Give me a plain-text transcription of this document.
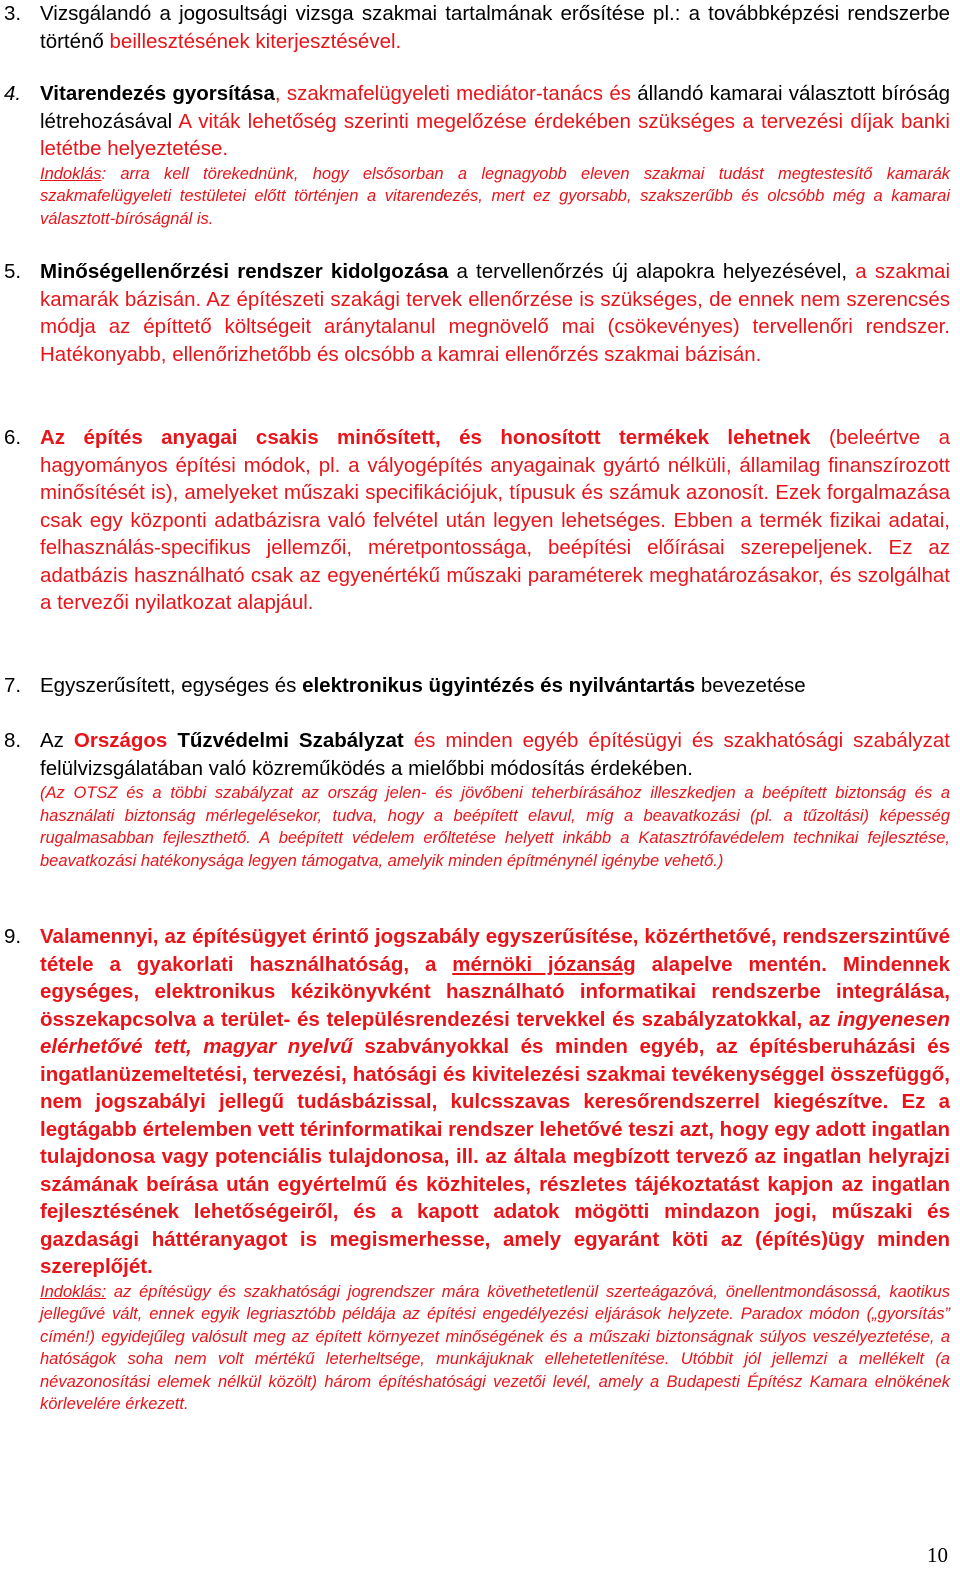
3. Vizsgálandó a jogosultsági vizsga szakmai tartalmának erősítése pl.: a továbbképzési rendszerbe történő beillesztésének kiterjesztésével.

4. Vitarendezés gyorsítása, szakmafelügyeleti mediátor-tanács és állandó kamarai választott bíróság létrehozásával A viták lehetőség szerinti megelőzése érdekében szükséges a tervezési díjak banki letétbe helyeztetése.

Indoklás: arra kell törekednünk, hogy elsősorban a legnagyobb eleven szakmai tudást megtestesítő kamarák szakmafelügyeleti testületei előtt történjen a vitarendezés, mert ez gyorsabb, szakszerűbb és olcsóbb még a kamarai választott-bíróságnál is.

5. Minőségellenőrzési rendszer kidolgozása a tervellenőrzés új alapokra helyezésével, a szakmai kamarák bázisán. Az építészeti szakági tervek ellenőrzése is szükséges, de ennek nem szerencsés módja az építtető költségeit aránytalanul megnövelő mai (csökevényes) tervellenőri rendszer. Hatékonyabb, ellenőrizhetőbb és olcsóbb a kamrai ellenőrzés szakmai bázisán.

6. Az építés anyagai csakis minősített, és honosított termékek lehetnek (beleértve a hagyományos építési módok, pl. a vályogépítés anyagainak gyártó nélküli, államilag finanszírozott minősítését is), amelyeket műszaki specifikációjuk, típusuk és számuk azonosít. Ezek forgalmazása csak egy központi adatbázisra való felvétel után legyen lehetséges. Ebben a termék fizikai adatai, felhasználás-specifikus jellemzői, méretpontossága, beépítési előírásai szerepeljenek. Ez az adatbázis használható csak az egyenértékű műszaki paraméterek meghatározásakor, és szolgálhat a tervezői nyilatkozat alapjául.

7. Egyszerűsített, egységes és elektronikus ügyintézés és nyilvántartás bevezetése

8. Az Országos Tűzvédelmi Szabályzat és minden egyéb építésügyi és szakhatósági szabályzat felülvizsgálatában való közreműködés a mielőbbi módosítás érdekében.

(Az OTSZ és a többi szabályzat az ország jelen- és jövőbeni teherbírásához illeszkedjen a beépített biztonság és a használati biztonság mérlegelésekor, tudva, hogy a beépített elavul, míg a beavatkozási (pl. a tűzoltási) képesség rugalmasabban fejleszthető. A beépített védelem erőltetése helyett inkább a Katasztrófavédelem technikai fejlesztése, beavatkozási hatékonysága legyen támogatva, amelyik minden építménynél igénybe vehető.)

9. Valamennyi, az építésügyet érintő jogszabály egyszerűsítése, közérthetővé, rendszerszintűvé tétele a gyakorlati használhatóság, a mérnöki józanság alapelve mentén. Mindennek egységes, elektronikus kézikönyvként használható informatikai rendszerbe integrálása, összekapcsolva a terület- és településrendezési tervekkel és szabályzatokkal, az ingyenesen elérhetővé tett, magyar nyelvű szabványokkal és minden egyéb, az építésberuházási és ingatlanüzemeltetési, tervezési, hatósági és kivitelezési szakmai tevékenységgel összefüggő, nem jogszabályi jellegű tudásbázissal, kulcsszavas keresőrendszerrel kiegészítve. Ez a legtágabb értelemben vett térinformatikai rendszer lehetővé teszi azt, hogy egy adott ingatlan tulajdonosa vagy potenciális tulajdonosa, ill. az általa megbízott tervező az ingatlan helyrajzi számának beírása után egyértelmű és közhiteles, részletes tájékoztatást kapjon az ingatlan fejlesztésének lehetőségeiről, és a kapott adatok mögötti mindazon jogi, műszaki és gazdasági háttéranyagot is megismerhesse, amely egyaránt köti az (építés)ügy minden szereplőjét.

Indoklás: az építésügy és szakhatósági jogrendszer mára követhetetlenül szerteágazóvá, önellentmondásossá, kaotikus jellegűvé vált, ennek egyik legriasztóbb példája az építési engedélyezési eljárások helyzete. Paradox módon („gyorsítás” címén!) egyidejűleg valósult meg az épített környezet minőségének és a műszaki biztonságnak súlyos veszélyeztetése, a hatóságok soha nem volt mértékű leterheltsége, munkájuknak ellehetetlenítése. Utóbbit jól jellemzi a mellékelt (a névazonosítási elemek nélkül közölt) három építéshatósági vezetői levél, amely a Budapesti Építész Kamara elnökének körlevelére érkezett.

10
